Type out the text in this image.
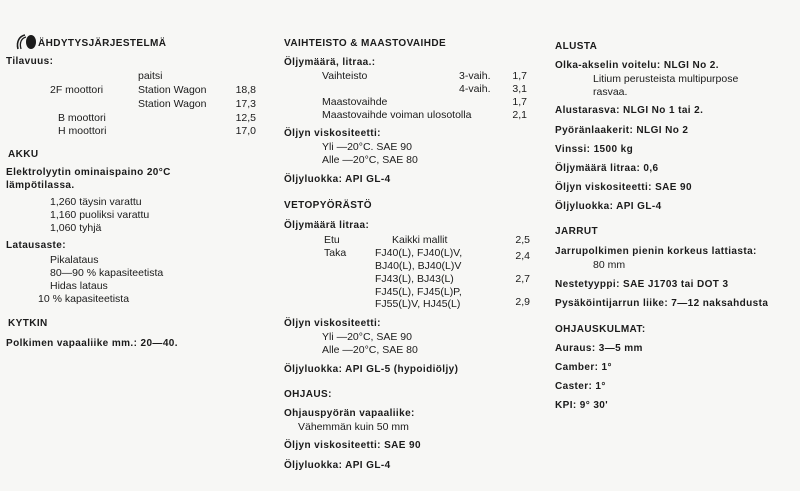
ÄHDYTYSJÄRJESTELMÄ
Tilavuus:
paitsi
2F moottori	Station Wagon	18,8
Station Wagon	17,3
B moottori	12,5
H moottori	17,0
AKKU
Elektrolyytin ominaispaino 20°C
lämpötilassa.
1,260 täysin varattu
1,160 puoliksi varattu
1,060 tyhjä
Latausaste:
Pikalataus
80—90 % kapasiteetista
Hidas lataus
10 % kapasiteetista
KYTKIN
Polkimen vapaaliike mm.: 20—40.
VAIHTEISTO & MAASTOVAIHDE
Öljymäärä, litraa.:
Vaihteisto	3-vaih.	1,7
4-vaih.	3,1
Maastovaihde	1,7
Maastovaihde voiman ulosotolla	2,1
Öljyn viskositeetti:
Yli —20°C. SAE 90
Alle —20°C, SAE 80
Öljyluokka: API GL-4
VETOPYÖRÄSTÖ
Öljymäärä litraa:
Etu	Kaikki mallit	2,5
Taka	FJ40(L), FJ40(L)V,	2,4
BJ40(L), BJ40(L)V
FJ43(L), BJ43(L)	2,7
FJ45(L), FJ45(L)P,
FJ55(L)V, HJ45(L)	2,9
Öljyn viskositeetti:
Yli —20°C, SAE 90
Alle —20°C, SAE 80
Öljyluokka: API GL-5 (hypoidiöljy)
OHJAUS:
Ohjauspyörän vapaaliike:
Vähemmän kuin 50 mm
Öljyn viskositeetti: SAE 90
Öljyluokka: API GL-4
ALUSTA
Olka-akselin voitelu: NLGI No 2.
Litium perusteista multipurpose
rasvaa.
Alustarasva: NLGI No 1 tai 2.
Pyöränlaakerit: NLGI No 2
Vinssi: 1500 kg
Öljymäärä litraa: 0,6
Öljyn viskositeetti: SAE 90
Öljyluokka: API GL-4
JARRUT
Jarrupolkimen pienin korkeus lattiasta:
80 mm
Nestetyyppi: SAE J1703 tai DOT 3
Pysäköintijarrun liike: 7—12 naksahdusta
OHJAUSKULMAT:
Auraus: 3—5 mm
Camber: 1°
Caster: 1°
KPI: 9° 30'
